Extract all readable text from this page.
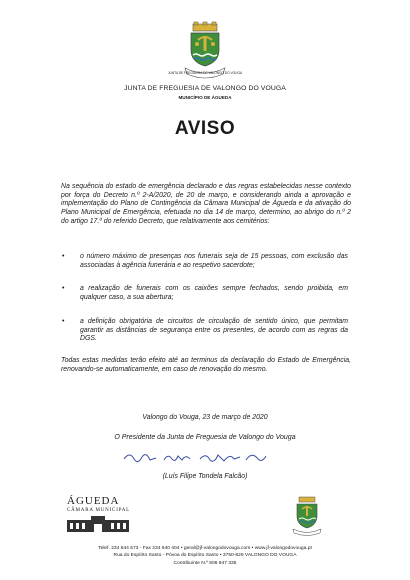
JUNTA DE FREGUESIA DE VALONGO DO VOUGA
JUNTA DE FREGUESIA DE VALONGO DO VOUGA
MUNICÍPIO DE ÁGUEDA
AVISO

Na sequência do estado de emergência declarado e das regras estabelecidas nesse contexto por força do Decreto n.º 2-A/2020, de 20 de março, e considerando ainda a aprovação e implementação do Plano de Contingência da Câmara Municipal de Águeda e da ativação do Plano Municipal de Emergência, efetuada no dia 14 de março, determino, ao abrigo do n.º 2 do artigo 17.º do referido Decreto, que relativamente aos cemitérios:

• o número máximo de presenças nos funerais seja de 15 pessoas, com exclusão das associadas à agência funerária e ao respetivo sacerdote;

• a realização de funerais com os caixões sempre fechados, sendo proibida, em qualquer caso, a sua abertura;

• a definição obrigatória de circuitos de circulação de sentido único, que permitam garantir as distâncias de segurança entre os presentes, de acordo com as regras da DGS.

Todas estas medidas terão efeito até ao terminus da declaração do Estado de Emergência, renovando-se automaticamente, em caso de renovação do mesmo.

Valongo do Vouga, 23 de março de 2020
O Presidente da Junta de Freguesia de Valongo do Vouga
(Luís Filipe Tondela Falcão)
ÁGUEDA
CÂMARA MUNICIPAL
Telef. 234 644 573 - Fax 234 640 404 • geral@jf-valongodovouga.com • www.jf-valongodovouga.pt
Rua do Espírito Santo - Póvoa do Espírito Santo • 3750-829 VALONGO DO VOUGA
Contribuinte N.º 506 947 335
